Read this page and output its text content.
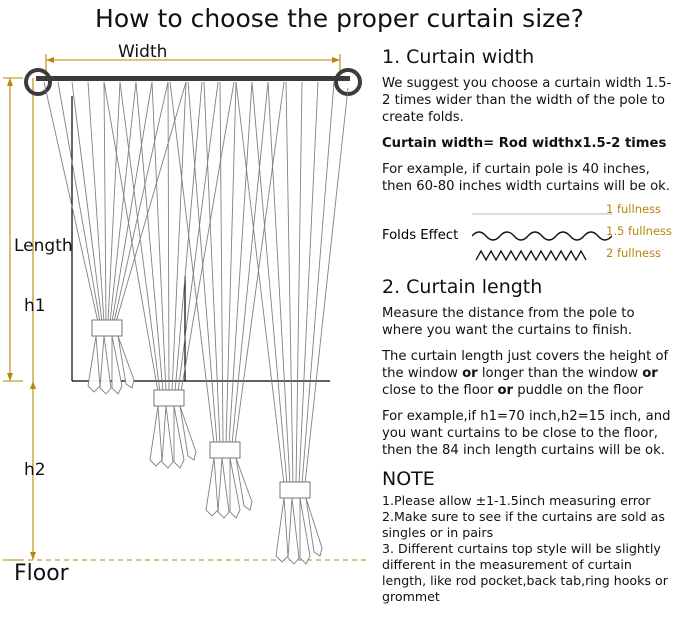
How to choose the proper curtain size?
Width
Length
h1
h2
Floor
1. Curtain width

We suggest you choose a curtain width 1.5-2 times wider than the width of the pole to create folds.

Curtain width= Rod widthx1.5-2 times

For example, if curtain pole is 40 inches, then 60-80 inches width curtains will be ok.

Folds Effect
1 fullness
1.5 fullness
2 fullness
2. Curtain length

Measure the distance from the pole to where you want the curtains to finish.

The curtain length just covers the height of the window or longer than the window or close to the floor or puddle on the floor

For example,if h1=70 inch,h2=15 inch, and you want curtains to be close to the floor, then the 84 inch length curtains will be ok.

NOTE
1.Please allow ±1-1.5inch measuring error
2.Make sure to see if the curtains are sold as singles or in pairs
3. Different curtains top style will be slightly different in the measurement of curtain length, like rod pocket,back tab,ring hooks or grommet
